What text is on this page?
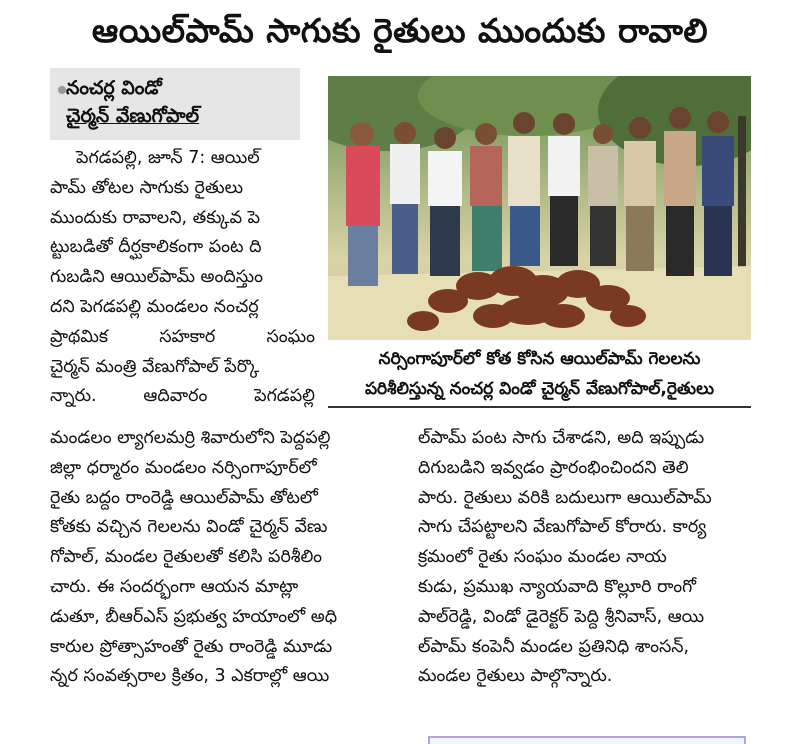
ఆయిల్‌పామ్ సాగుకు రైతులు ముందుకు రావాలి
నంచర్ల విండో
చైర్మన్ వేణుగోపాల్
నర్సింగాపూర్‌లో కోత కోసిన ఆయిల్‌పామ్ గెలలను
పరిశీలిస్తున్న నంచర్ల విండో చైర్మన్ వేణుగోపాల్,రైతులు
పెగడపల్లి, జూన్ 7: ఆయిల్
పామ్ తోటల సాగుకు రైతులు
ముందుకు రావాలని, తక్కువ పె
ట్టుబడితో దీర్ఘకాలికంగా పంట ది
గుబడిని ఆయిల్‌పామ్ అందిస్తుం
దని పెగడపల్లి మండలం నంచర్ల
ప్రాథమిక సహకార సంఘం
చైర్మన్ మంత్రి వేణుగోపాల్ పేర్కొ
న్నారు. ఆదివారం పెగడపల్లి
మండలం ల్యాగలమర్రి శివారులోని పెద్దపల్లి
జిల్లా ధర్మారం మండలం నర్సింగాపూర్‌లో
రైతు బద్దం రాంరెడ్డి ఆయిల్‌పామ్ తోటలో
కోతకు వచ్చిన గెలలను విండో చైర్మన్ వేణు
గోపాల్, మండల రైతులతో కలిసి పరిశీలిం
చారు. ఈ సందర్భంగా ఆయన మాట్లా
డుతూ, బీఆర్ఎస్ ప్రభుత్వ హయాంలో అధి
కారుల ప్రోత్సాహంతో రైతు రాంరెడ్డి మూడు
న్నర సంవత్సరాల క్రితం, 3 ఎకరాల్లో ఆయి
ల్‌పామ్ పంట సాగు చేశాడని, అది ఇప్పుడు
దిగుబడిని ఇవ్వడం ప్రారంభించిందని తెలి
పారు. రైతులు వరికి బదులుగా ఆయిల్‌పామ్
సాగు చేపట్టాలని వేణుగోపాల్ కోరారు. కార్య
క్రమంలో రైతు సంఘం మండల నాయ
కుడు, ప్రముఖ న్యాయవాది కొల్లూరి రాంగో
పాల్‌రెడ్డి, విండో డైరెక్టర్ పెద్ది శ్రీనివాస్, ఆయి
ల్‌పామ్ కంపెనీ మండల ప్రతినిధి శాంసన్,
మండల రైతులు పాల్గొన్నారు.
